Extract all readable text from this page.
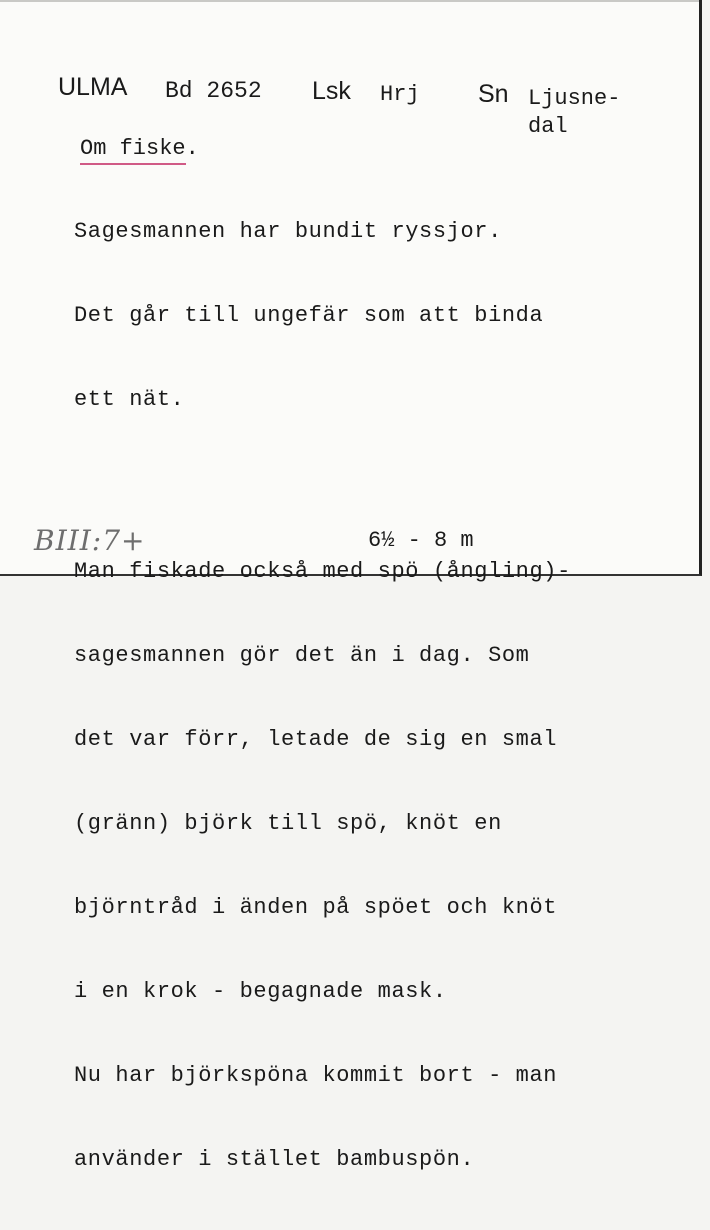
ULMA Bd 2652 Lsk Hrj Sn Ljusne-
dal
Om fiske.

Sagesmannen har bundit ryssjor.

Det går till ungefär som att binda

ett nät.

Man fiskade också med spö (ångling)-

sagesmannen gör det än i dag. Som

det var förr, letade de sig en smal

(gränn) björk till spö, knöt en

björntråd i änden på spöet och knöt

i en krok - begagnade mask.

Nu har björkspöna kommit bort - man

använder i stället bambuspön.

BIII:7+	6½ - 8 m
